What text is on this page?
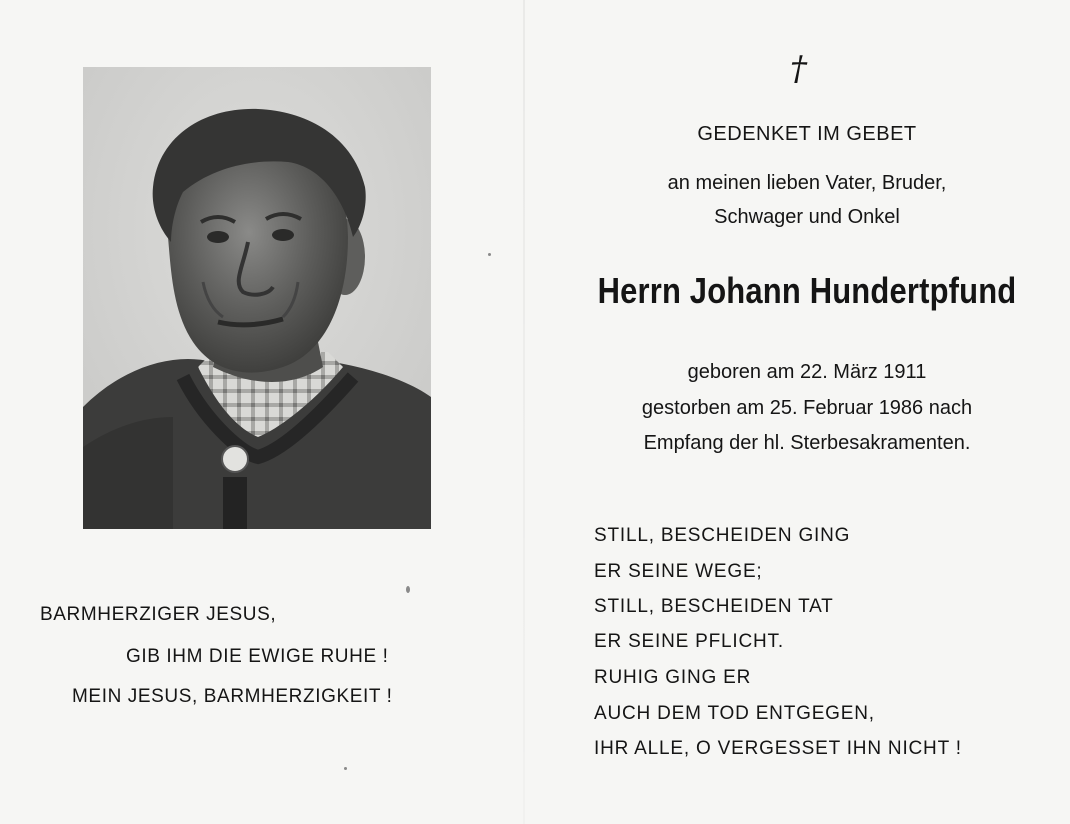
BARMHERZIGER JESUS,
GIB IHM DIE EWIGE RUHE !
MEIN JESUS, BARMHERZIGKEIT !
†
GEDENKET IM GEBET
an meinen lieben Vater, Bruder,
Schwager und Onkel
Herrn Johann Hundertpfund
geboren am 22. März 1911
gestorben am 25. Februar 1986 nach
Empfang der hl. Sterbesakramenten.
STILL, BESCHEIDEN GING
ER SEINE WEGE;
STILL, BESCHEIDEN TAT
ER SEINE PFLICHT.
RUHIG GING ER
AUCH DEM TOD ENTGEGEN,
IHR ALLE, O VERGESSET IHN NICHT !
